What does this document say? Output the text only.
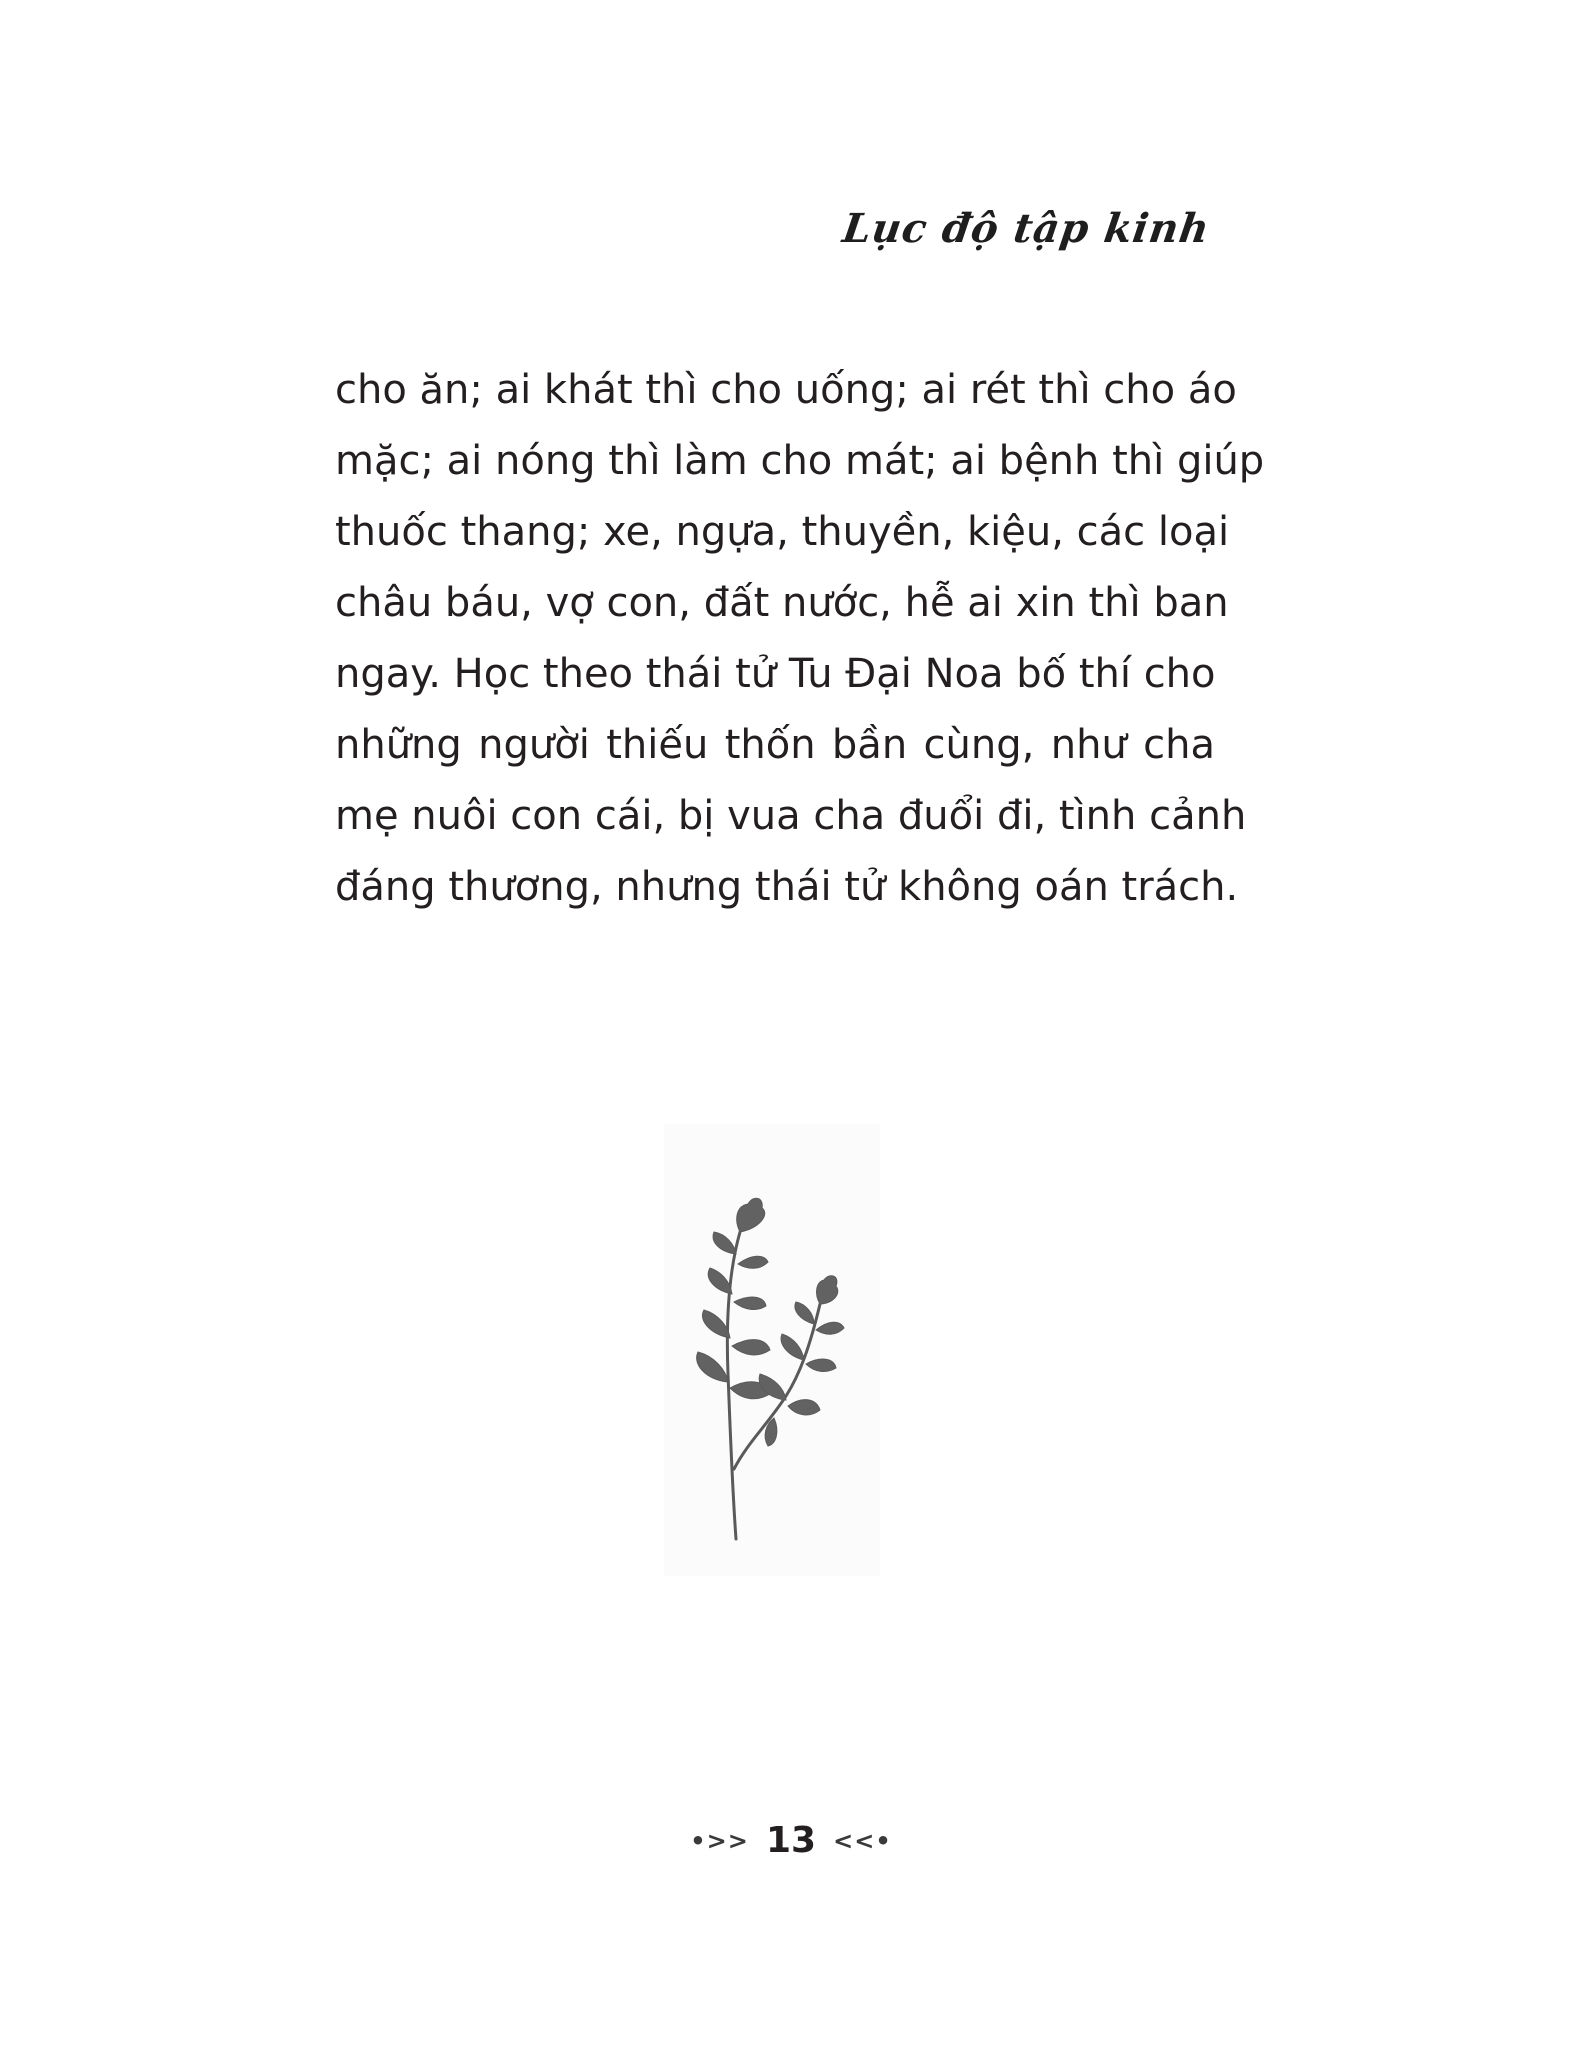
Lục độ tập kinh
cho ăn; ai khát thì cho uống; ai rét thì cho áo
mặc; ai nóng thì làm cho mát; ai bệnh thì giúp
thuốc thang; xe, ngựa, thuyền, kiệu, các loại
châu báu, vợ con, đất nước, hễ ai xin thì ban
ngay. Học theo thái tử Tu Đại Noa bố thí cho
những người thiếu thốn bần cùng, như cha
mẹ nuôi con cái, bị vua cha đuổi đi, tình cảnh
đáng thương, nhưng thái tử không oán trách.
•>> 13 <<•
